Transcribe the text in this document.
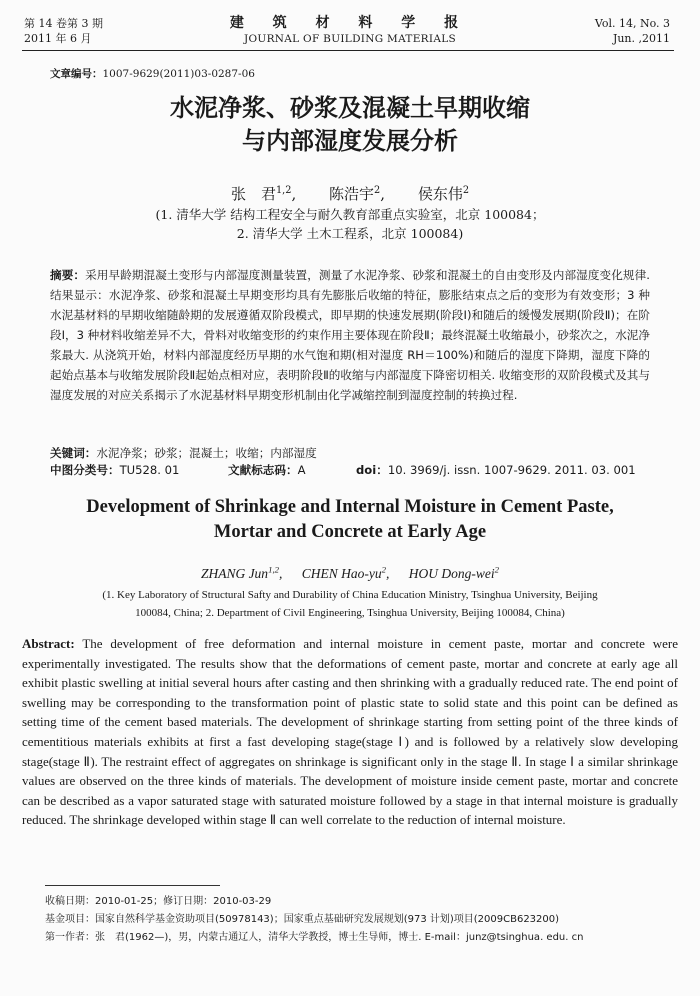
第 14 卷第 3 期
2011 年 6 月
建 筑 材 料 学 报
JOURNAL OF BUILDING MATERIALS
Vol. 14, No. 3
Jun. ,2011
文章编号：1007-9629(2011)03-0287-06
水泥净浆、砂浆及混凝土早期收缩
与内部湿度发展分析
张　君$^{1,2}$, 陈浩宇$^2$, 侯东伟$^2$
(1. 清华大学 结构工程安全与耐久教育部重点实验室，北京 100084；
2. 清华大学 土木工程系，北京 100084)
摘要：采用早龄期混凝土变形与内部湿度测量装置，测量了水泥净浆、砂浆和混凝土的自由变形及内部湿度变化规律. 结果显示：水泥净浆、砂浆和混凝土早期变形均具有先膨胀后收缩的特征，膨胀结束点之后的变形为有效变形；3 种水泥基材料的早期收缩随龄期的发展遵循双阶段模式，即早期的快速发展期(阶段Ⅰ)和随后的缓慢发展期(阶段Ⅱ)；在阶段Ⅰ，3 种材料收缩差异不大，骨料对收缩变形的约束作用主要体现在阶段Ⅱ；最终混凝土收缩最小，砂浆次之，水泥净浆最大. 从浇筑开始，材料内部湿度经历早期的水气饱和期(相对湿度 RH＝100%)和随后的湿度下降期，湿度下降的起始点基本与收缩发展阶段Ⅱ起始点相对应，表明阶段Ⅱ的收缩与内部湿度下降密切相关. 收缩变形的双阶段模式及其与湿度发展的对应关系揭示了水泥基材料早期变形机制由化学减缩控制到湿度控制的转换过程.
关键词：水泥净浆；砂浆；混凝土；收缩；内部湿度
中图分类号：TU528. 01	文献标志码：A	doi：10. 3969/j. issn. 1007-9629. 2011. 03. 001
Development of Shrinkage and Internal Moisture in Cement Paste,
Mortar and Concrete at Early Age
ZHANG Jun$^{1,2}$, CHEN Hao-$yu^2$, HOU Dong-wei$^2$
(1. Key Laboratory of Structural Safty and Durability of China Education Ministry, Tsinghua University, Beijing
100084, China; 2. Department of Civil Engineering, Tsinghua University, Beijing 100084, China)
Abstract: The development of free deformation and internal moisture in cement paste, mortar and concrete were experimentally investigated. The results show that the deformations of cement paste, mortar and concrete at early age all exhibit plastic swelling at initial several hours after casting and then shrinking with a gradually reduced rate. The end point of swelling may be corresponding to the transformation point of plastic state to solid state and this point can be defined as setting time of the cement based materials. The development of shrinkage starting from setting point of the three kinds of cementitious materials exhibits at first a fast developing stage(stage Ⅰ) and is followed by a relatively slow developing stage(stage Ⅱ). The restraint effect of aggregates on shrinkage is significant only in the stage Ⅱ. In stage Ⅰ a similar shrinkage values are observed on the three kinds of materials. The development of moisture inside cement paste, mortar and concrete can be described as a vapor saturated stage with saturated moisture followed by a stage in that internal moisture is gradually reduced. The shrinkage developed within stage Ⅱ can well correlate to the reduction of internal moisture.
收稿日期：2010-01-25；修订日期：2010-03-29
基金项目：国家自然科学基金资助项目(50978143)；国家重点基础研究发展规划(973 计划)项目(2009CB623200)
第一作者：张　君(1962—)，男，内蒙古通辽人，清华大学教授，博士生导师，博士. E-mail：junz@tsinghua. edu. cn
